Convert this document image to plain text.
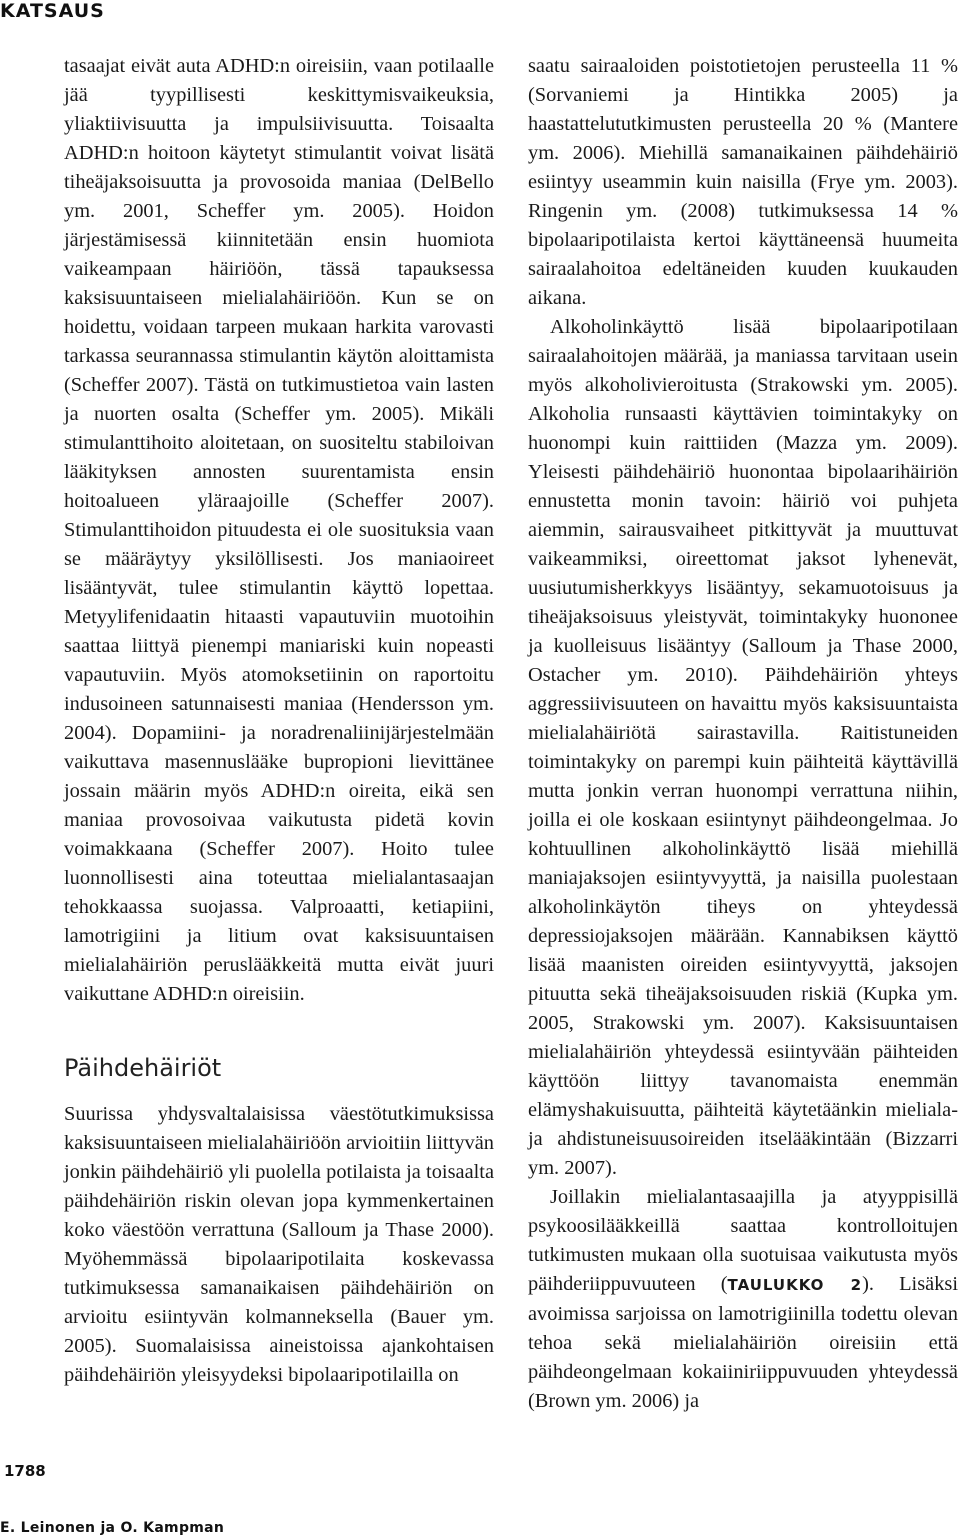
KATSAUS

tasaajat eivät auta ADHD:n oireisiin, vaan potilaalle jää tyypillisesti keskittymisvaikeuksia, yliaktiivisuutta ja impulsiivisuutta. Toisaalta ADHD:n hoitoon käytetyt stimulantit voivat lisätä tiheäjaksoisuutta ja provosoida maniaa (DelBello ym. 2001, Scheffer ym. 2005). Hoidon järjestämisessä kiinnitetään ensin huomiota vaikeampaan häiriöön, tässä tapauksessa kaksisuuntaiseen mielialahäiriöön. Kun se on hoidettu, voidaan tarpeen mukaan harkita varovasti tarkassa seurannassa stimulantin käytön aloittamista (Scheffer 2007). Tästä on tutkimustietoa vain lasten ja nuorten osalta (Scheffer ym. 2005). Mikäli stimulanttihoito aloitetaan, on suositeltu stabiloivan lääkityksen annosten suurentamista ensin hoitoalueen yläraajoille (Scheffer 2007). Stimulanttihoidon pituudesta ei ole suosituksia vaan se määräytyy yksilöllisesti. Jos maniaoireet lisääntyvät, tulee stimulantin käyttö lopettaa. Metyylifenidaatin hitaasti vapautuviin muotoihin saattaa liittyä pienempi maniariski kuin nopeasti vapautuviin. Myös atomoksetiinin on raportoitu indusoineen satunnaisesti maniaa (Hendersson ym. 2004). Dopamiini- ja noradrenaliinijärjestelmään vaikuttava masennuslääke bupropioni lievittänee jossain määrin myös ADHD:n oireita, eikä sen maniaa provosoivaa vaikutusta pidetä kovin voimakkaana (Scheffer 2007). Hoito tulee luonnollisesti aina toteuttaa mielialantasaajan tehokkaassa suojassa. Valproaatti, ketiapiini, lamotrigiini ja litium ovat kaksisuuntaisen mielialahäiriön peruslääkkeitä mutta eivät juuri vaikuttane ADHD:n oireisiin.

Päihdehäiriöt

Suurissa yhdysvaltalaisissa väestötutkimuksissa kaksisuuntaiseen mielialahäiriöön arvioitiin liittyvän jonkin päihdehäiriö yli puolella potilaista ja toisaalta päihdehäiriön riskin olevan jopa kymmenkertainen koko väestöön verrattuna (Salloum ja Thase 2000). Myöhemmässä bipolaaripotilaita koskevassa tutkimuksessa samanaikaisen päihdehäiriön on arvioitu esiintyvän kolmanneksella (Bauer ym. 2005). Suomalaisissa aineistoissa ajankohtaisen päihdehäiriön yleisyydeksi bipolaaripotilailla on

saatu sairaaloiden poistotietojen perusteella 11 % (Sorvaniemi ja Hintikka 2005) ja haastattelututkimusten perusteella 20 % (Mantere ym. 2006). Miehillä samanaikainen päihdehäiriö esiintyy useammin kuin naisilla (Frye ym. 2003). Ringenin ym. (2008) tutkimuksessa 14 % bipolaaripotilaista kertoi käyttäneensä huumeita sairaalahoitoa edeltäneiden kuuden kuukauden aikana.

Alkoholinkäyttö lisää bipolaaripotilaan sairaalahoitojen määrää, ja maniassa tarvitaan usein myös alkoholivieroitusta (Strakowski ym. 2005). Alkoholia runsaasti käyttävien toimintakyky on huonompi kuin raittiiden (Mazza ym. 2009). Yleisesti päihdehäiriö huonontaa bipolaarihäiriön ennustetta monin tavoin: häiriö voi puhjeta aiemmin, sairausvaiheet pitkittyvät ja muuttuvat vaikeammiksi, oireettomat jaksot lyhenevät, uusiutumisherkkyys lisääntyy, sekamuotoisuus ja tiheäjaksoisuus yleistyvät, toimintakyky huononee ja kuolleisuus lisääntyy (Salloum ja Thase 2000, Ostacher ym. 2010). Päihdehäiriön yhteys aggressiivisuuteen on havaittu myös kaksisuuntaista mielialahäiriötä sairastavilla. Raitistuneiden toimintakyky on parempi kuin päihteitä käyttävillä mutta jonkin verran huonompi verrattuna niihin, joilla ei ole koskaan esiintynyt päihdeongelmaa. Jo kohtuullinen alkoholinkäyttö lisää miehillä maniajaksojen esiintyvyyttä, ja naisilla puolestaan alkoholinkäytön tiheys on yhteydessä depressiojaksojen määrään. Kannabiksen käyttö lisää maanisten oireiden esiintyvyyttä, jaksojen pituutta sekä tiheäjaksoisuuden riskiä (Kupka ym. 2005, Strakowski ym. 2007). Kaksisuuntaisen mielialahäiriön yhteydessä esiintyvään päihteiden käyttöön liittyy tavanomaista enemmän elämyshakuisuutta, päihteitä käytetäänkin mieliala- ja ahdistuneisuusoireiden itselääkintään (Bizzarri ym. 2007).

Joillakin mielialantasaajilla ja atyyppisillä psykoosilääkkeillä saattaa kontrolloitujen tutkimusten mukaan olla suotuisaa vaikutusta myös päihderiippuvuuteen (TAULUKKO 2). Lisäksi avoimissa sarjoissa on lamotrigiinilla todettu olevan tehoa sekä mielialahäiriön oireisiin että päihdeongelmaan kokaiiniriippuvuuden yhteydessä (Brown ym. 2006) ja

1788
E. Leinonen ja O. Kampman
